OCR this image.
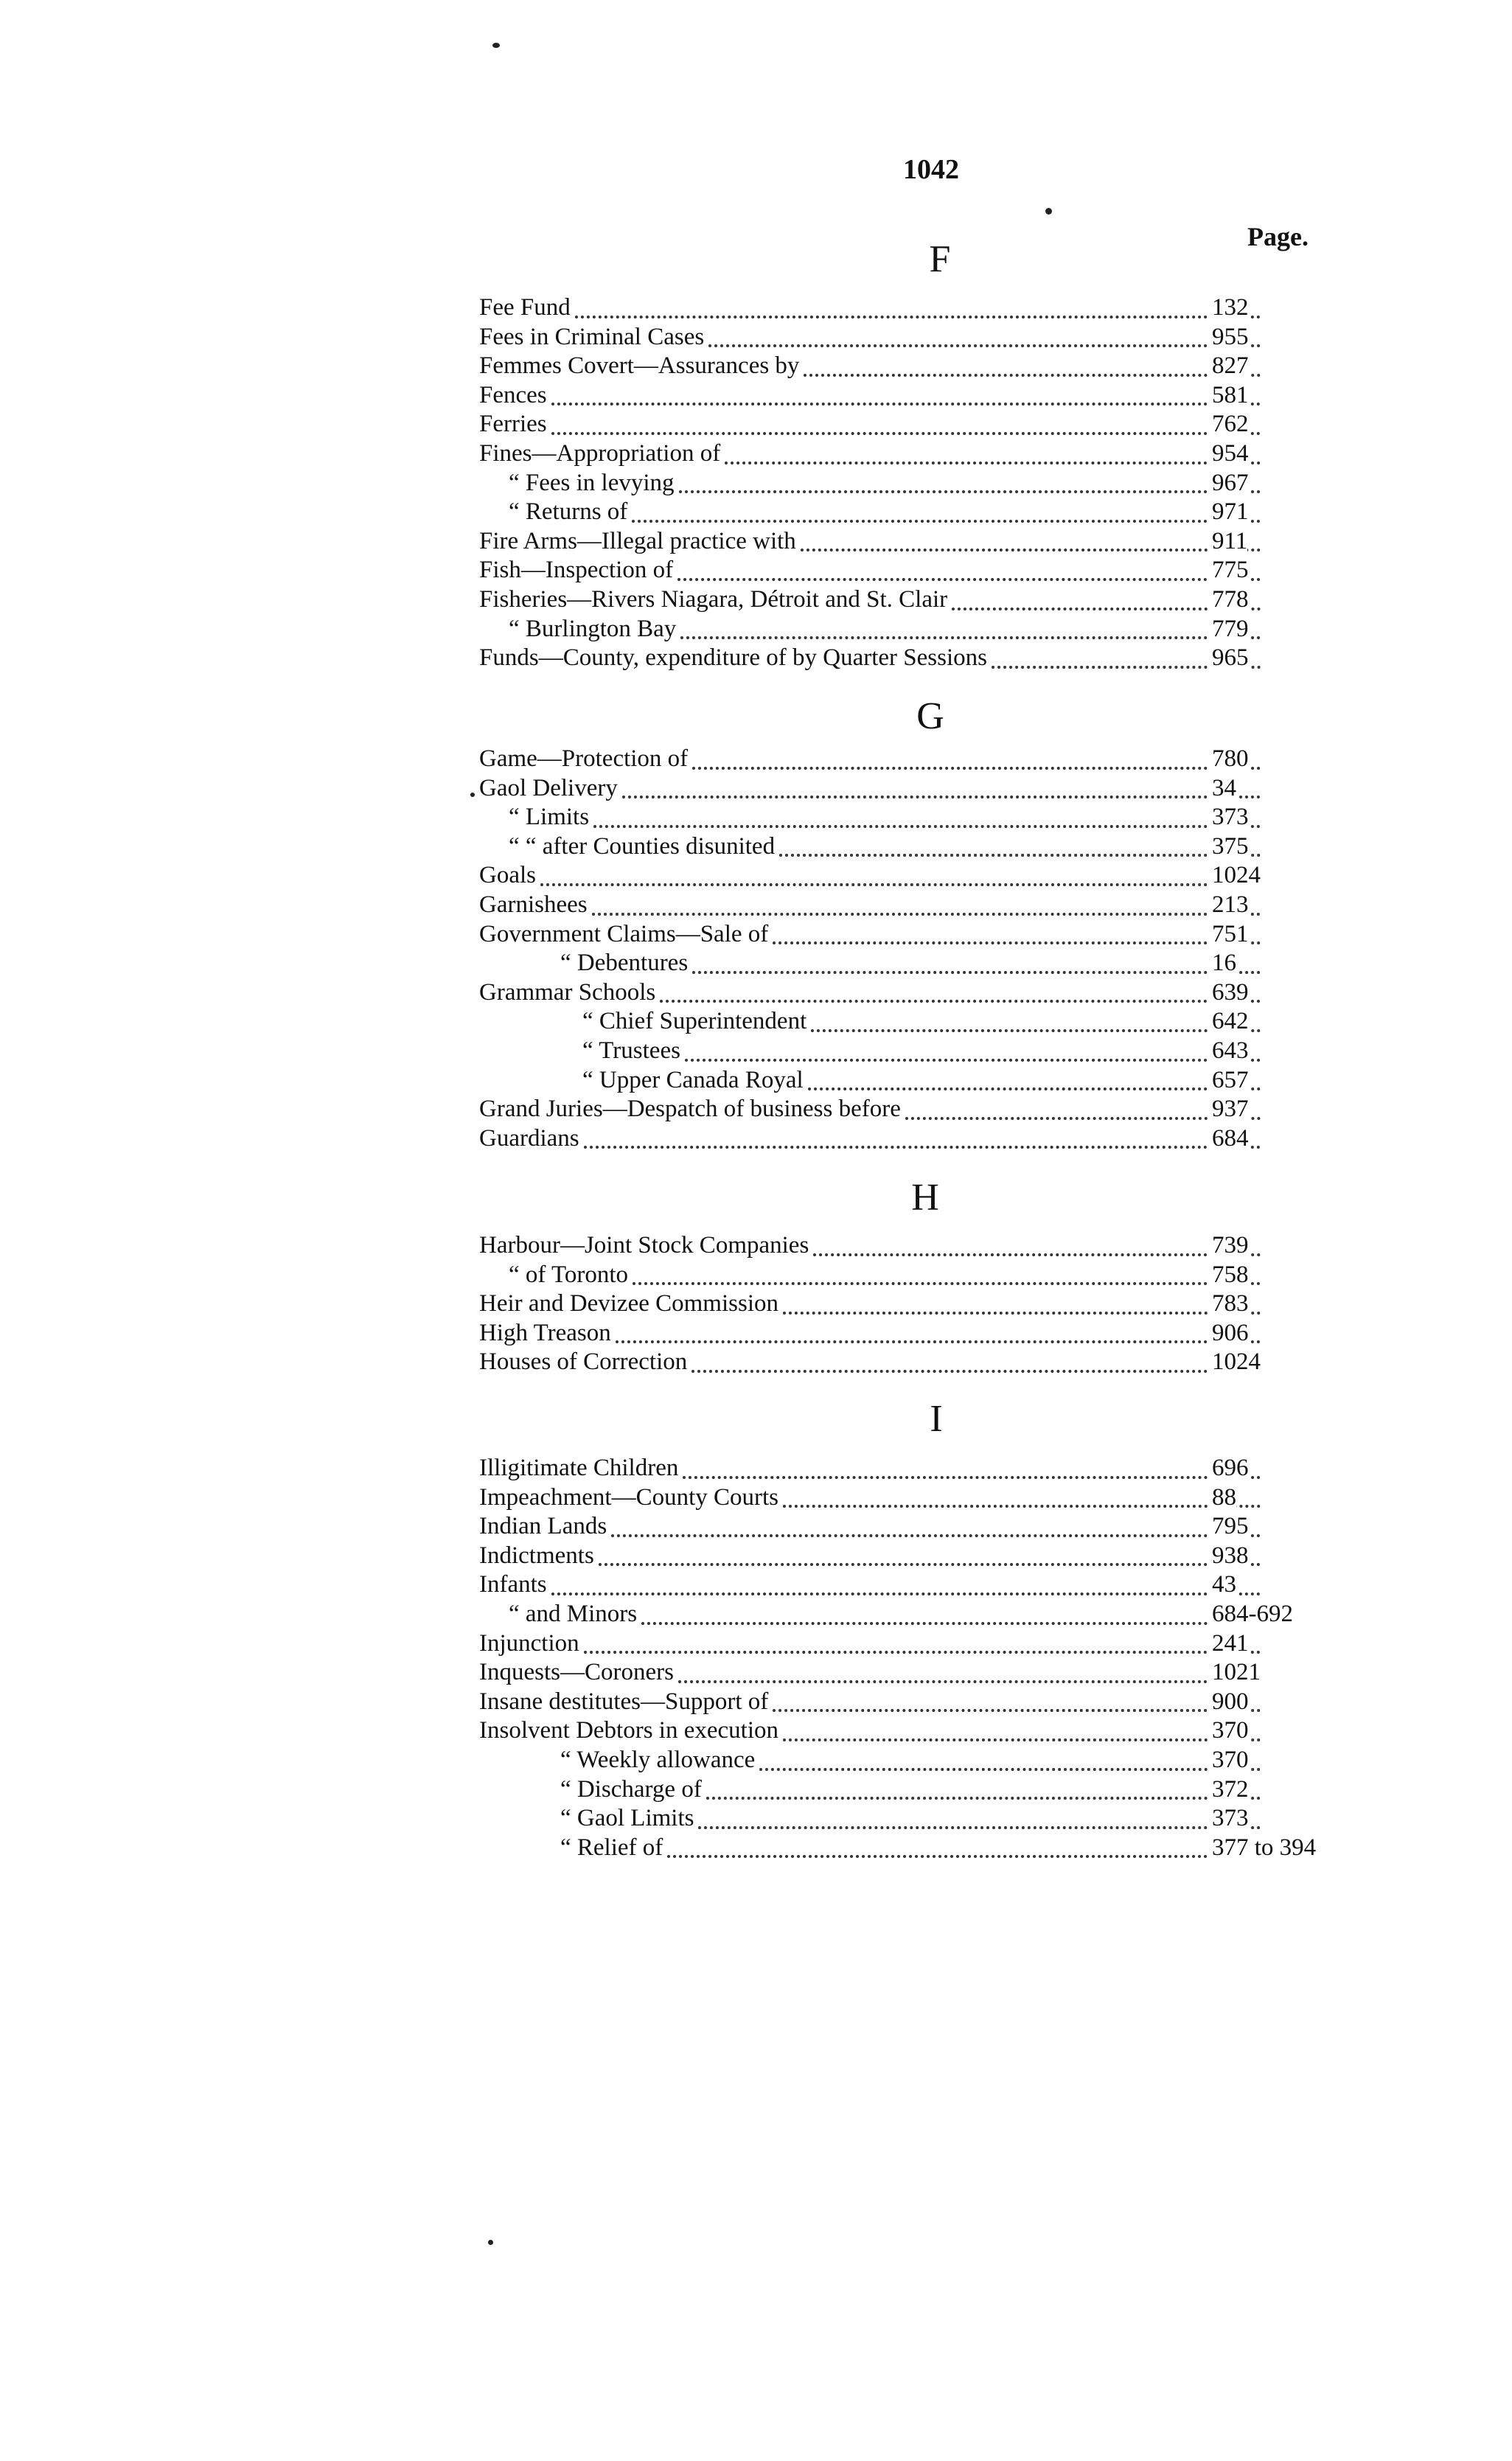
1042
Page.
F
Fee Fund	132
Fees in Criminal Cases	955
Femmes Covert—Assurances by	827
Fences	581
Ferries	762
Fines—Appropriation of	954
“ Fees in levying	967
“ Returns of	971
Fire Arms—Illegal practice with	911
Fish—Inspection of	775
Fisheries—Rivers Niagara, Détroit and St. Clair	778
“ Burlington Bay	779
Funds—County, expenditure of by Quarter Sessions	965
G
Game—Protection of	780
Gaol Delivery	34
“ Limits	373
“ “ after Counties disunited	375
Goals	1024
Garnishees	213
Government Claims—Sale of	751
“ Debentures	16
Grammar Schools	639
“ Chief Superintendent	642
“ Trustees	643
“ Upper Canada Royal	657
Grand Juries—Despatch of business before	937
Guardians	684
H
Harbour—Joint Stock Companies	739
“ of Toronto	758
Heir and Devizee Commission	783
High Treason	906
Houses of Correction	1024
I
Illigitimate Children	696
Impeachment—County Courts	88
Indian Lands	795
Indictments	938
Infants	43
“ and Minors	684-692
Injunction	241
Inquests—Coroners	1021
Insane destitutes—Support of	900
Insolvent Debtors in execution	370
“ Weekly allowance	370
“ Discharge of	372
“ Gaol Limits	373
“ Relief of	377 to 394
